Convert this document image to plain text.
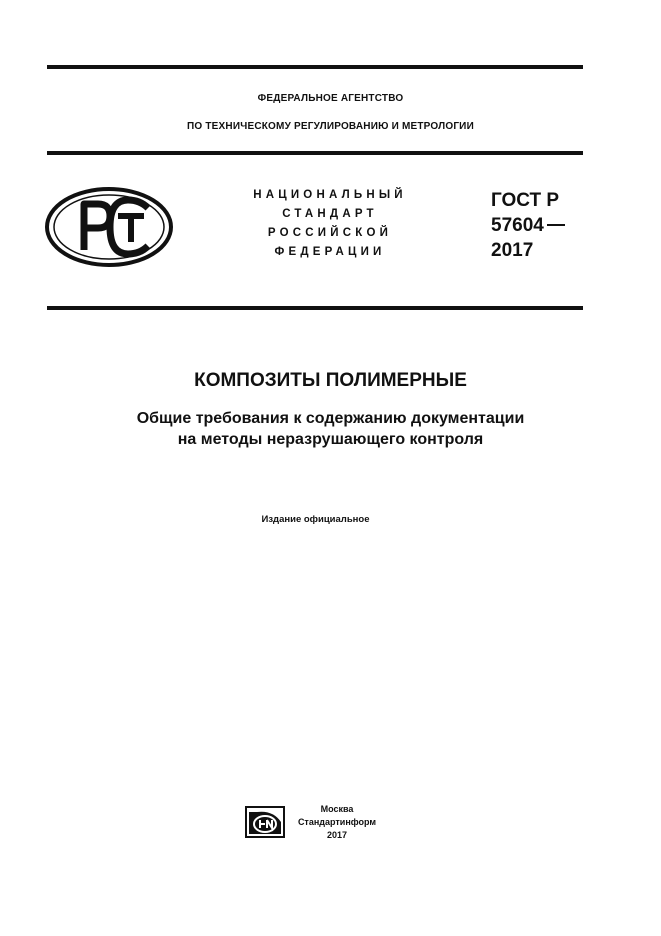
ФЕДЕРАЛЬНОЕ АГЕНТСТВО
ПО ТЕХНИЧЕСКОМУ РЕГУЛИРОВАНИЮ И МЕТРОЛОГИИ
НАЦИОНАЛЬНЫЙ
СТАНДАРТ
РОССИЙСКОЙ
ФЕДЕРАЦИИ
ГОСТ Р
57604
2017
КОМПОЗИТЫ ПОЛИМЕРНЫЕ
Общие требования к содержанию документации
на методы неразрушающего контроля
Издание официальное
Москва
Стандартинформ
2017
